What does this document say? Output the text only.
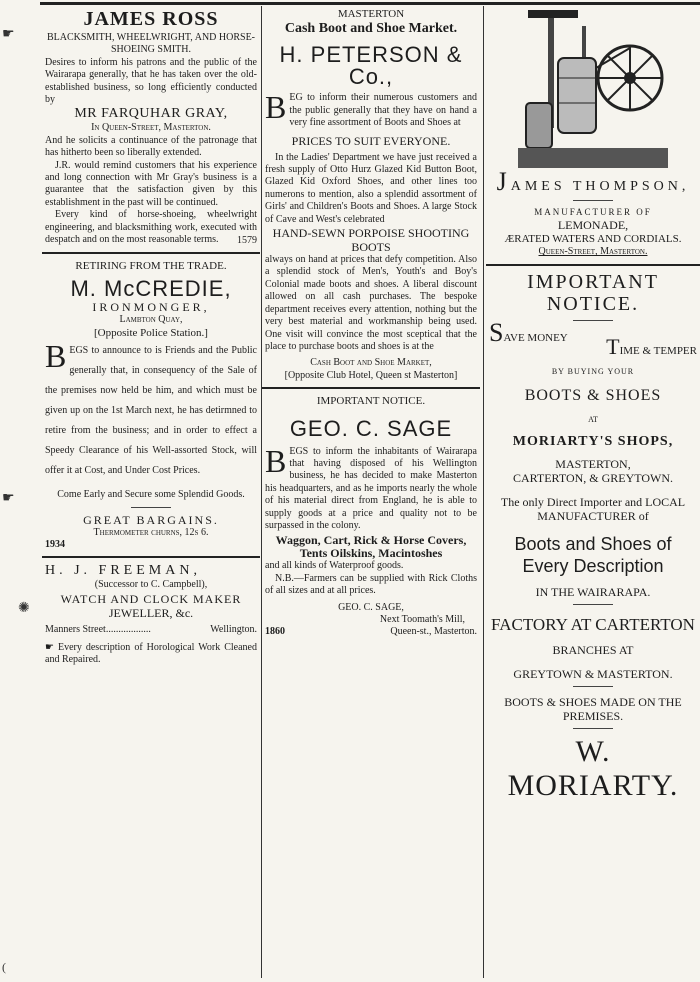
☛
☛
✺
(

JAMES ROSS

BLACKSMITH, WHEELWRIGHT, AND HORSE-SHOEING SMITH.

Desires to inform his patrons and the public of the Wairarapa generally, that he has taken over the old-established business, so long efficiently conducted by

MR FARQUHAR GRAY,

In Queen-Street, Masterton.

And he solicits a continuance of the patronage that has hitherto been so liberally extended.

J.R. would remind customers that his experience and long connection with Mr Gray's business is a guarantee that the satisfaction given by this establishment in the past will be continued.

Every kind of horse-shoeing, wheelwright engineering, and blacksmithing work, executed with despatch and on the most reasonable terms.	1579

RETIRING FROM THE TRADE.

M. McCREDIE,

IRONMONGER,

Lambton Quay,

[Opposite Police Station.]

BEGS to announce to is Friends and the Public generally that, in consequency of the Sale of the premises now held be him, and which must be given up on the 1st March next, he has detirmned to retire from the business; and in order to effect a Speedy Clearance of his Well-assorted Stock, will offer it at Cost, and Under Cost Prices.

Come Early and Secure some Splendid Goods.

GREAT BARGAINS.

Thermometer churns, 12s 6.

1934

H. J. FREEMAN,

(Successor to C. Campbell),

WATCH AND CLOCK MAKER

JEWELLER, &c.

Manners Street..................	Wellington.

☛ Every description of Horological Work Cleaned and Repaired.

MASTERTON

Cash Boot and Shoe Market.

H. PETERSON & Co.,

BEG to inform their numerous customers and the public generally that they have on hand a very fine assortment of Boots and Shoes at

PRICES TO SUIT EVERYONE.

In the Ladies' Department we have just received a fresh supply of Otto Hurz Glazed Kid Button Boot, Glazed Kid Oxford Shoes, and other lines too numerons to mention, also a splendid assortment of Girls' and Children's Boots and Shoes. A large Stock of Cave and West's celebrated

HAND-SEWN PORPOISE SHOOTING BOOTS

always on hand at prices that defy competition. Also a splendid stock of Men's, Youth's and Boy's Colonial made boots and shoes. A liberal discount allowed on all cash purchases. The bespoke department receives every attention, nothing but the very best material and workmanship being used. One visit will convince the most sceptical that the place to purchase boots and shoes is at the

Cash Boot and Shoe Market,

[Opposite Club Hotel, Queen st Masterton]

IMPORTANT NOTICE.

GEO. C. SAGE

BEGS to inform the inhabitants of Wairarapa that having disposed of his Wellington business, he has decided to make Masterton his headquarters, and as he imports nearly the whole of his material direct from England, he is able to supply goods at a price and quality not to be surpassed in the colony.

Waggon, Cart, Rick & Horse Covers, Tents Oilskins, Macintoshes

and all kinds of Waterproof goods.

N.B.—Farmers can be supplied with Rick Cloths of all sizes and at all prices.

GEO. C. SAGE,

Next Toomath's Mill,

1860	Queen-st., Masterton.

JAMES THOMPSON,

MANUFACTURER OF

LEMONADE,

ÆRATED WATERS AND CORDIALS.

Queen-Street, Masterton.

IMPORTANT NOTICE.

SAVE MONEY TIME & TEMPER

BY BUYING YOUR

BOOTS & SHOES

AT

MORIARTY'S SHOPS,

MASTERTON,

CARTERTON, & GREYTOWN.

The only Direct Importer and LOCAL MANUFACTURER of

Boots and Shoes of Every Description

IN THE WAIRARAPA.

FACTORY AT CARTERTON

BRANCHES AT

GREYTOWN & MASTERTON.

BOOTS & SHOES MADE ON THE PREMISES.

W. MORIARTY.
